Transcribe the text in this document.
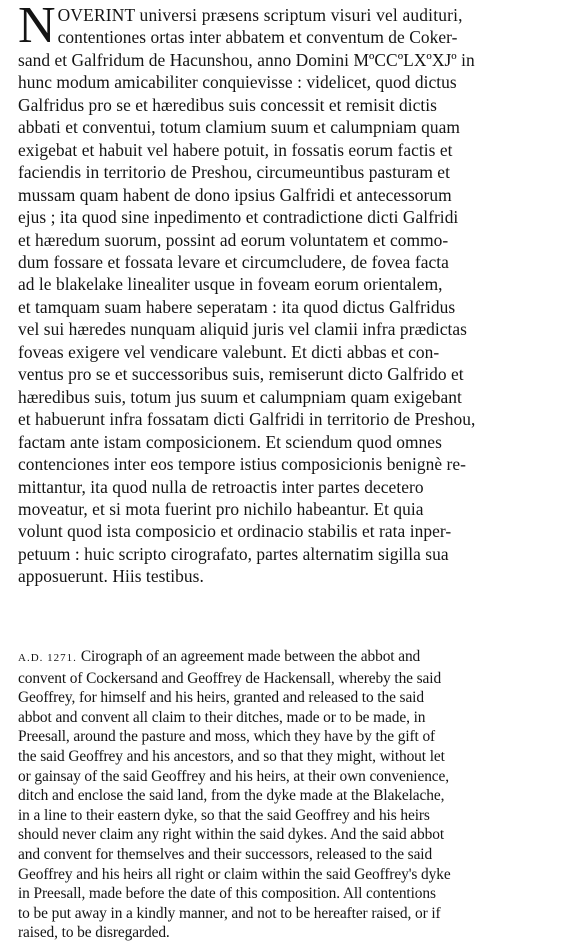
N OVERINT universi præsens scriptum visuri vel audituri,
contentiones ortas inter abbatem et conventum de Coker-
sand et Galfridum de Hacunshou, anno Domini MºCCºLXºXJº in
hunc modum amicabiliter conquievisse : videlicet, quod dictus
Galfridus pro se et hæredibus suis concessit et remisit dictis
abbati et conventui, totum clamium suum et calumpniam quam
exigebat et habuit vel habere potuit, in fossatis eorum factis et
faciendis in territorio de Preshou, circumeuntibus pasturam et
mussam quam habent de dono ipsius Galfridi et antecessorum
ejus ; ita quod sine inpedimento et contradictione dicti Galfridi
et hæredum suorum, possint ad eorum voluntatem et commo-
dum fossare et fossata levare et circumcludere, de fovea facta
ad le blakelake linealiter usque in foveam eorum orientalem,
et tamquam suam habere seperatam : ita quod dictus Galfridus
vel sui hæredes nunquam aliquid juris vel clamii infra prædictas
foveas exigere vel vendicare valebunt. Et dicti abbas et con-
ventus pro se et successoribus suis, remiserunt dicto Galfrido et
hæredibus suis, totum jus suum et calumpniam quam exigebant
et habuerunt infra fossatam dicti Galfridi in territorio de Preshou,
factam ante istam composicionem. Et sciendum quod omnes
contenciones inter eos tempore istius composicionis benignè re-
mittantur, ita quod nulla de retroactis inter partes decetero
moveatur, et si mota fuerint pro nichilo habeantur. Et quia
volunt quod ista composicio et ordinacio stabilis et rata inper-
petuum : huic scripto cirografato, partes alternatim sigilla sua
apposuerunt. Hiis testibus.
A.D. 1271. Cirograph of an agreement made between the abbot and
convent of Cockersand and Geoffrey de Hackensall, whereby the said
Geoffrey, for himself and his heirs, granted and released to the said
abbot and convent all claim to their ditches, made or to be made, in
Preesall, around the pasture and moss, which they have by the gift of
the said Geoffrey and his ancestors, and so that they might, without let
or gainsay of the said Geoffrey and his heirs, at their own convenience,
ditch and enclose the said land, from the dyke made at the Blakelache,
in a line to their eastern dyke, so that the said Geoffrey and his heirs
should never claim any right within the said dykes. And the said abbot
and convent for themselves and their successors, released to the said
Geoffrey and his heirs all right or claim within the said Geoffrey's dyke
in Preesall, made before the date of this composition. All contentions
to be put away in a kindly manner, and not to be hereafter raised, or if
raised, to be disregarded.
